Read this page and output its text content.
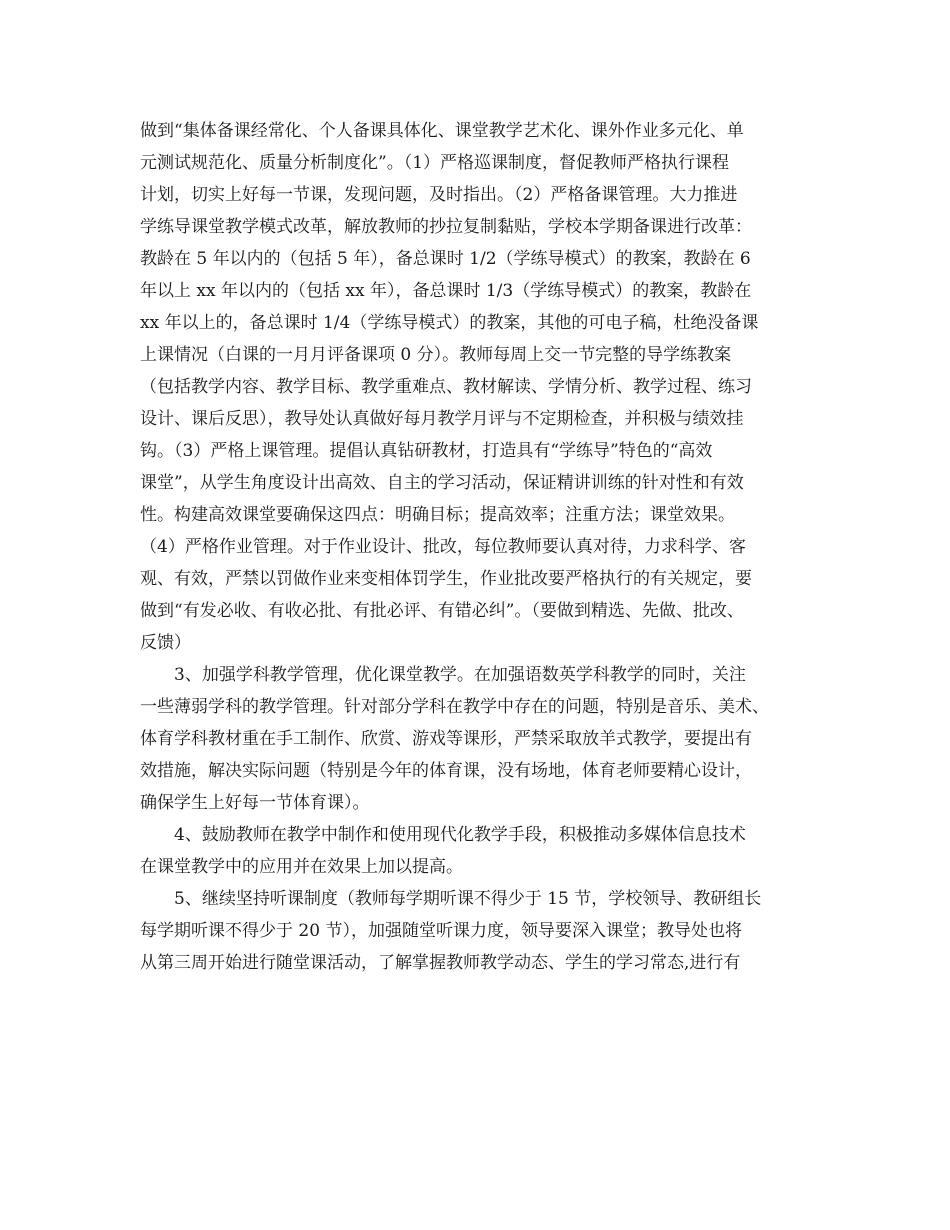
做到“集体备课经常化、个人备课具体化、课堂教学艺术化、课外作业多元化、单
元测试规范化、质量分析制度化”。（1）严格巡课制度，督促教师严格执行课程
计划，切实上好每一节课，发现问题，及时指出。（2）严格备课管理。大力推进
学练导课堂教学模式改革，解放教师的抄拉复制黏贴，学校本学期备课进行改革：
教龄在 5 年以内的（包括 5 年），备总课时 1/2（学练导模式）的教案，教龄在 6
年以上 xx 年以内的（包括 xx 年），备总课时 1/3（学练导模式）的教案，教龄在
xx 年以上的，备总课时 1/4（学练导模式）的教案，其他的可电子稿，杜绝没备课
上课情况（白课的一月月评备课项 0 分）。教师每周上交一节完整的导学练教案
（包括教学内容、教学目标、教学重难点、教材解读、学情分析、教学过程、练习
设计、课后反思），教导处认真做好每月教学月评与不定期检查，并积极与绩效挂
钩。（3）严格上课管理。提倡认真钻研教材，打造具有“学练导”特色的“高效
课堂”，从学生角度设计出高效、自主的学习活动，保证精讲训练的针对性和有效
性。构建高效课堂要确保这四点：明确目标；提高效率；注重方法；课堂效果。
（4）严格作业管理。对于作业设计、批改，每位教师要认真对待，力求科学、客
观、有效，严禁以罚做作业来变相体罚学生，作业批改要严格执行的有关规定，要
做到“有发必收、有收必批、有批必评、有错必纠”。（要做到精选、先做、批改、
反馈）
3、加强学科教学管理，优化课堂教学。在加强语数英学科教学的同时，关注
一些薄弱学科的教学管理。针对部分学科在教学中存在的问题，特别是音乐、美术、
体育学科教材重在手工制作、欣赏、游戏等课形，严禁采取放羊式教学，要提出有
效措施，解决实际问题（特别是今年的体育课，没有场地，体育老师要精心设计，
确保学生上好每一节体育课）。
4、鼓励教师在教学中制作和使用现代化教学手段，积极推动多媒体信息技术
在课堂教学中的应用并在效果上加以提高。
5、继续坚持听课制度（教师每学期听课不得少于 15 节，学校领导、教研组长
每学期听课不得少于 20 节），加强随堂听课力度，领导要深入课堂；教导处也将
从第三周开始进行随堂课活动，了解掌握教师教学动态、学生的学习常态,进行有
